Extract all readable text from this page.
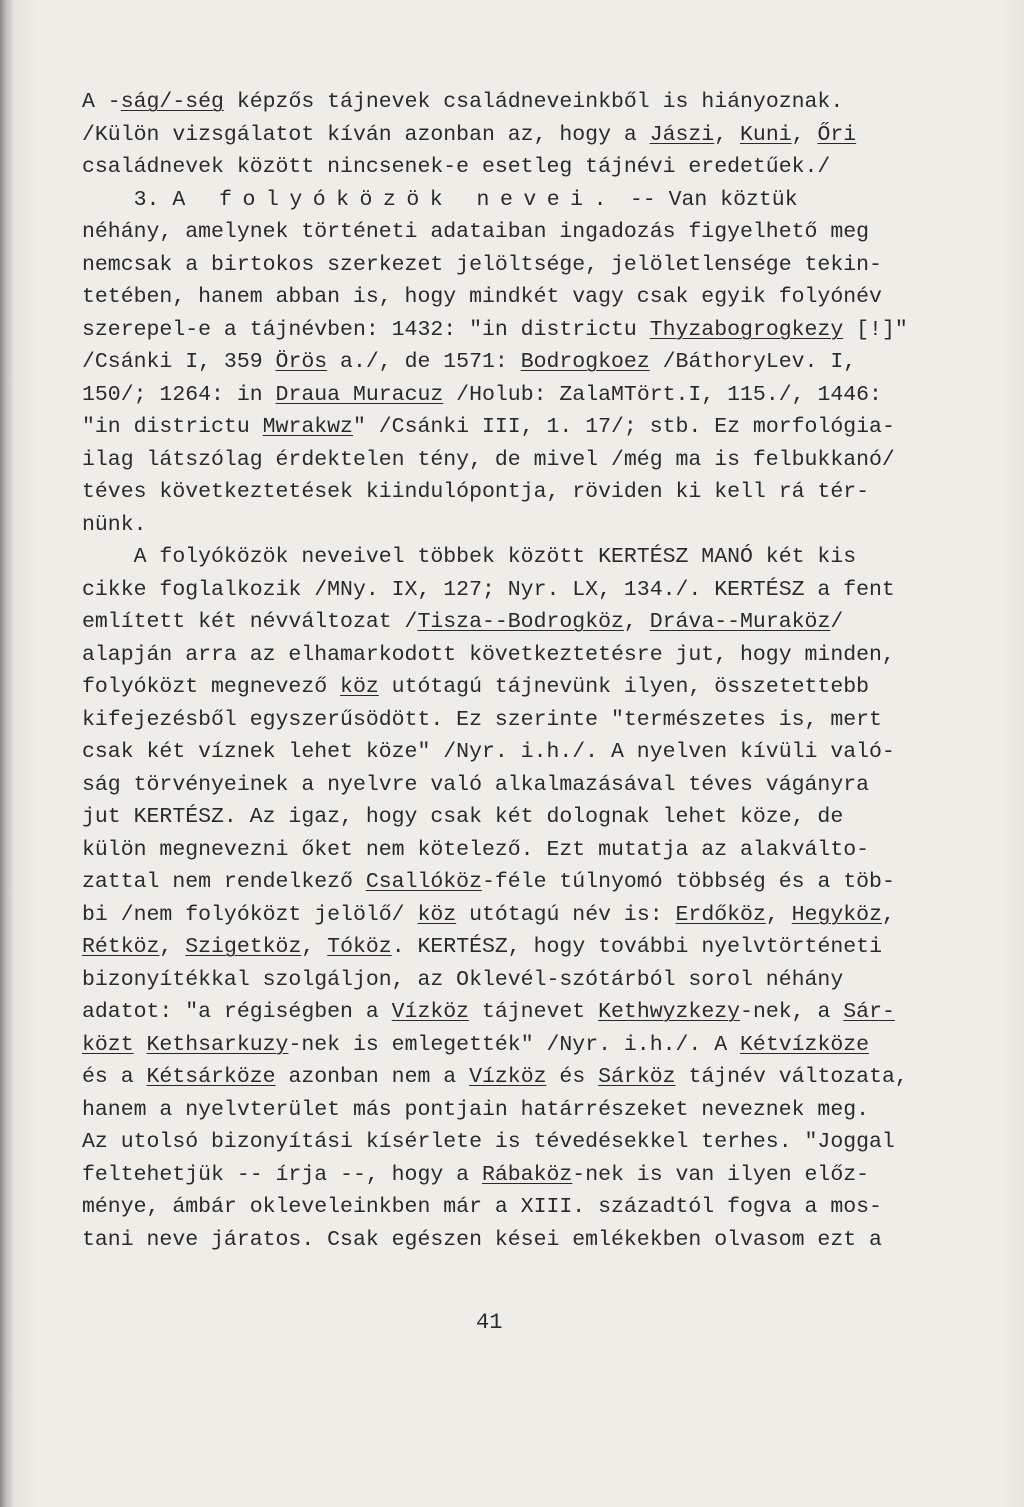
A -ság/-ség képzős tájnevek családneveinkből is hiányoznak.
/Külön vizsgálatot kíván azonban az, hogy a Jászi, Kuni, Őri
családnevek között nincsenek-e esetleg tájnévi eredetűek./
3. A folyóközök nevei. -- Van köztük
néhány, amelynek történeti adataiban ingadozás figyelhető meg
nemcsak a birtokos szerkezet jelöltsége, jelöletlensége tekin-
tetében, hanem abban is, hogy mindkét vagy csak egyik folyónév
szerepel-e a tájnévben: 1432: "in districtu Thyzabogrogkezy [!]"
/Csánki I, 359 Örös a./, de 1571: Bodrogkoez /BáthoryLev. I,
150/; 1264: in Draua Muracuz /Holub: ZalaMTört.I, 115./, 1446:
"in districtu Mwrakwz" /Csánki III, 1. 17/; stb. Ez morfológia-
ilag látszólag érdektelen tény, de mivel /még ma is felbukkanó/
téves következtetések kiindulópontja, röviden ki kell rá tér-
nünk.
A folyóközök neveivel többek között KERTÉSZ MANÓ két kis
cikke foglalkozik /MNy. IX, 127; Nyr. LX, 134./. KERTÉSZ a fent
említett két névváltozat /Tisza--Bodrogköz, Dráva--Muraköz/
alapján arra az elhamarkodott következtetésre jut, hogy minden,
folyóközt megnevező köz utótagú tájnevünk ilyen, összetettebb
kifejezésből egyszerűsödött. Ez szerinte "természetes is, mert
csak két víznek lehet köze" /Nyr. i.h./. A nyelven kívüli való-
ság törvényeinek a nyelvre való alkalmazásával téves vágányra
jut KERTÉSZ. Az igaz, hogy csak két dolognak lehet köze, de
külön megnevezni őket nem kötelező. Ezt mutatja az alakválto-
zattal nem rendelkező Csallóköz-féle túlnyomó többség és a töb-
bi /nem folyóközt jelölő/ köz utótagú név is: Erdőköz, Hegyköz,
Rétköz, Szigetköz, Tóköz. KERTÉSZ, hogy további nyelvtörténeti
bizonyítékkal szolgáljon, az Oklevél-szótárból sorol néhány
adatot: "a régiségben a Vízköz tájnevet Kethwyzkezy-nek, a Sár-
közt Kethsarkuzy-nek is emlegették" /Nyr. i.h./. A Kétvízköze
és a Kétsárköze azonban nem a Vízköz és Sárköz tájnév változata,
hanem a nyelvterület más pontjain határrészeket neveznek meg.
Az utolsó bizonyítási kísérlete is tévedésekkel terhes. "Joggal
feltehetjük -- írja --, hogy a Rábaköz-nek is van ilyen előz-
ménye, ámbár okleveleinkben már a XIII. századtól fogva a mos-
tani neve járatos. Csak egészen kései emlékekben olvasom ezt a
41
